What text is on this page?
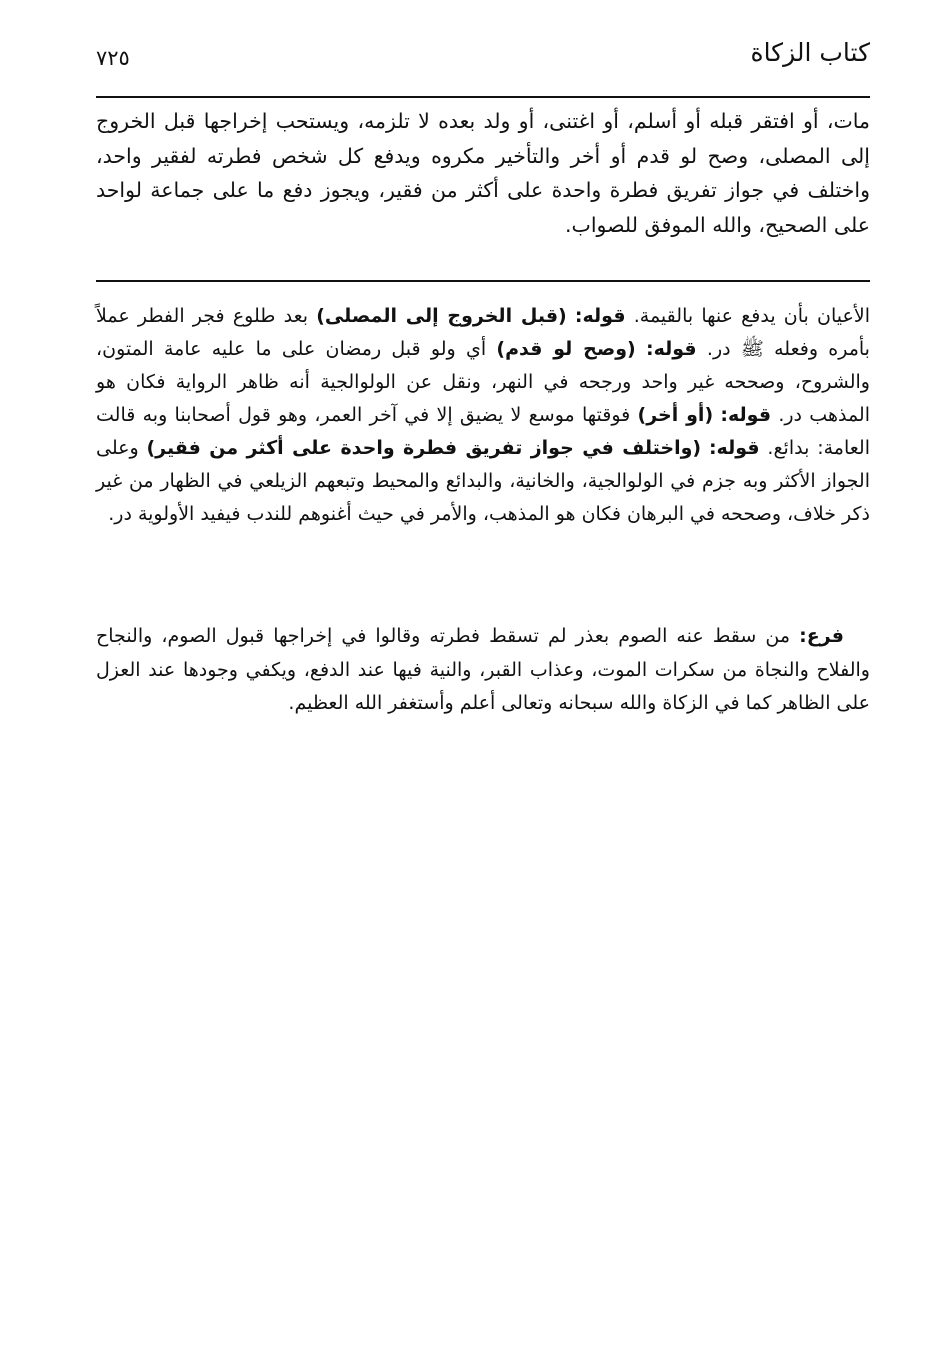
٧٢٥	كتاب الزكاة

مات، أو افتقر قبله أو أسلم، أو اغتنى، أو ولد بعده لا تلزمه، ويستحب إخراجها قبل الخروج إلى المصلى، وصح لو قدم أو أخر والتأخير مكروه ويدفع كل شخص فطرته لفقير واحد، واختلف في جواز تفريق فطرة واحدة على أكثر من فقير، ويجوز دفع ما على جماعة لواحد على الصحيح، والله الموفق للصواب.

الأعيان بأن يدفع عنها بالقيمة. قوله: (قبل الخروج إلى المصلى) بعد طلوع فجر الفطر عملاً بأمره وفعله ﷺ در. قوله: (وصح لو قدم) أي ولو قبل رمضان على ما عليه عامة المتون، والشروح، وصححه غير واحد ورجحه في النهر، ونقل عن الولوالجية أنه ظاهر الرواية فكان هو المذهب در. قوله: (أو أخر) فوقتها موسع لا يضيق إلا في آخر العمر، وهو قول أصحابنا وبه قالت العامة: بدائع. قوله: (واختلف في جواز تفريق فطرة واحدة على أكثر من فقير) وعلى الجواز الأكثر وبه جزم في الولوالجية، والخانية، والبدائع والمحيط وتبعهم الزيلعي في الظهار من غير ذكر خلاف، وصححه في البرهان فكان هو المذهب، والأمر في حيث أغنوهم للندب فيفيد الأولوية در.

فرع: من سقط عنه الصوم بعذر لم تسقط فطرته وقالوا في إخراجها قبول الصوم، والنجاح والفلاح والنجاة من سكرات الموت، وعذاب القبر، والنية فيها عند الدفع، ويكفي وجودها عند العزل على الظاهر كما في الزكاة والله سبحانه وتعالى أعلم وأستغفر الله العظيم.
